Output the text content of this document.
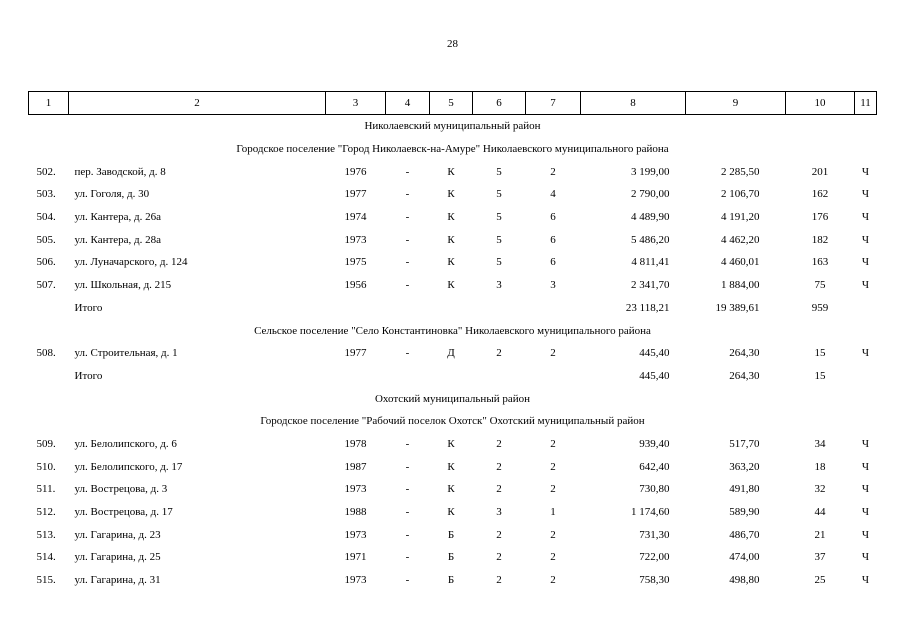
28
1	2	3	4	5	6	7	8	9	10	11
Николаевский муниципальный район										
Городское поселение "Город Николаевск-на-Амуре" Николаевского муниципального района										
502.	пер. Заводской, д. 8	1976	-	К	5	2	3 199,00	2 285,50	201	Ч
503.	ул. Гоголя, д. 30	1977	-	К	5	4	2 790,00	2 106,70	162	Ч
504.	ул. Кантера, д. 26а	1974	-	К	5	6	4 489,90	4 191,20	176	Ч
505.	ул. Кантера, д. 28а	1973	-	К	5	6	5 486,20	4 462,20	182	Ч
506.	ул. Луначарского, д. 124	1975	-	К	5	6	4 811,41	4 460,01	163	Ч
507.	ул. Школьная, д. 215	1956	-	К	3	3	2 341,70	1 884,00	75	Ч
	Итого						23 118,21	19 389,61	959	
Сельское поселение "Село Константиновка" Николаевского муниципального района										
508.	ул. Строительная, д. 1	1977	-	Д	2	2	445,40	264,30	15	Ч
	Итого						445,40	264,30	15	
Охотский муниципальный район										
Городское поселение "Рабочий поселок Охотск" Охотский муниципальный район										
509.	ул. Белолипского, д. 6	1978	-	К	2	2	939,40	517,70	34	Ч
510.	ул. Белолипского, д. 17	1987	-	К	2	2	642,40	363,20	18	Ч
511.	ул. Вострецова, д. 3	1973	-	К	2	2	730,80	491,80	32	Ч
512.	ул. Вострецова, д. 17	1988	-	К	3	1	1 174,60	589,90	44	Ч
513.	ул. Гагарина, д. 23	1973	-	Б	2	2	731,30	486,70	21	Ч
514.	ул. Гагарина, д. 25	1971	-	Б	2	2	722,00	474,00	37	Ч
515.	ул. Гагарина, д. 31	1973	-	Б	2	2	758,30	498,80	25	Ч
